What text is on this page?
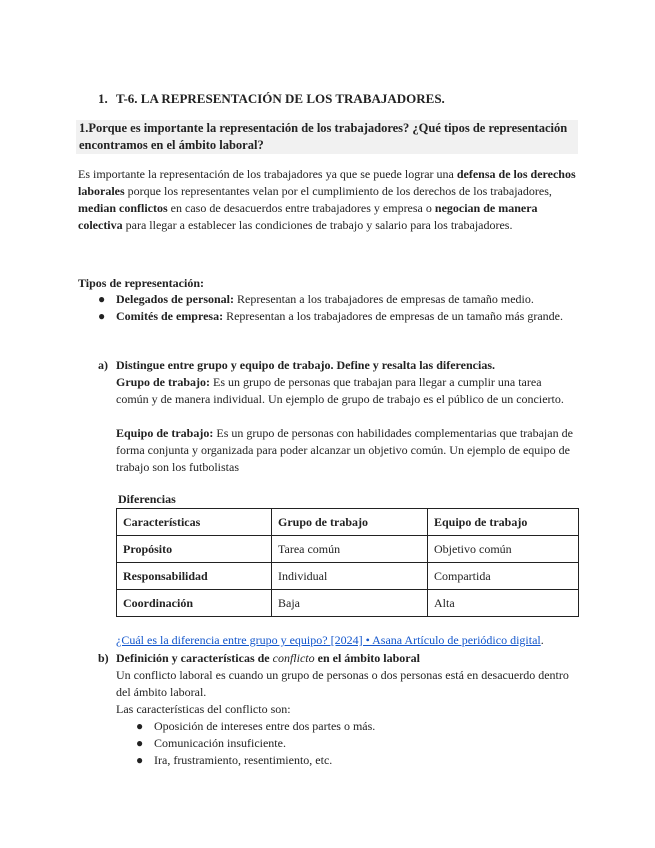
1. T-6. LA REPRESENTACIÓN DE LOS TRABAJADORES.
1.Porque es importante la representación de los trabajadores? ¿Qué tipos de representación encontramos en el ámbito laboral?
Es importante la representación de los trabajadores ya que se puede lograr una defensa de los derechos laborales porque los representantes velan por el cumplimiento de los derechos de los trabajadores, median conflictos en caso de desacuerdos entre trabajadores y empresa o negocian de manera colectiva para llegar a establecer las condiciones de trabajo y salario para los trabajadores.
Tipos de representación:
● Delegados de personal: Representan a los trabajadores de empresas de tamaño medio.
● Comités de empresa: Representan a los trabajadores de empresas de un tamaño más grande.
a) Distingue entre grupo y equipo de trabajo. Define y resalta las diferencias.
Grupo de trabajo: Es un grupo de personas que trabajan para llegar a cumplir una tarea común y de manera individual. Un ejemplo de grupo de trabajo es el público de un concierto.
Equipo de trabajo: Es un grupo de personas con habilidades complementarias que trabajan de forma conjunta y organizada para poder alcanzar un objetivo común. Un ejemplo de equipo de trabajo son los futbolistas
Diferencias
Características	Grupo de trabajo	Equipo de trabajo
Propósito	Tarea común	Objetivo común
Responsabilidad	Individual	Compartida
Coordinación	Baja	Alta
¿Cuál es la diferencia entre grupo y equipo? [2024] • Asana Artículo de periódico digital.
b) Definición y características de conflicto en el ámbito laboral
Un conflicto laboral es cuando un grupo de personas o dos personas está en desacuerdo dentro del ámbito laboral.
Las características del conflicto son:
● Oposición de intereses entre dos partes o más.
● Comunicación insuficiente.
● Ira, frustramiento, resentimiento, etc.
